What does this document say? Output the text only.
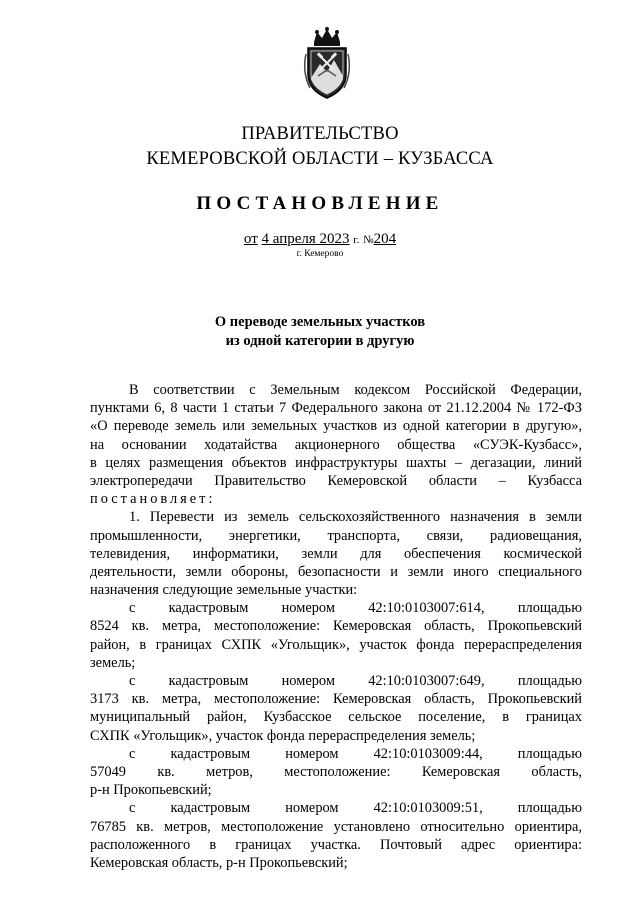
ПРАВИТЕЛЬСТВО
КЕМЕРОВСКОЙ ОБЛАСТИ – КУЗБАССА
ПОСТАНОВЛЕНИЕ
от 4 апреля 2023 г. №204
г. Кемерово
О переводе земельных участков
из одной категории в другую
В соответствии с Земельным кодексом Российской Федерации,
пунктами 6, 8 части 1 статьи 7 Федерального закона от 21.12.2004 № 172-ФЗ
«О переводе земель или земельных участков из одной категории в другую»,
на основании ходатайства акционерного общества «СУЭК-Кузбасс»,
в целях размещения объектов инфраструктуры шахты – дегазации, линий
электропередачи Правительство Кемеровской области – Кузбасса
постановляет:
1. Перевести из земель сельскохозяйственного назначения в земли
промышленности, энергетики, транспорта, связи, радиовещания,
телевидения, информатики, земли для обеспечения космической
деятельности, земли обороны, безопасности и земли иного специального
назначения следующие земельные участки:
с кадастровым номером 42:10:0103007:614, площадью
8524 кв. метра, местоположение: Кемеровская область, Прокопьевский
район, в границах СХПК «Угольщик», участок фонда перераспределения
земель;
с кадастровым номером 42:10:0103007:649, площадью
3173 кв. метра, местоположение: Кемеровская область, Прокопьевский
муниципальный район, Кузбасское сельское поселение, в границах
СХПК «Угольщик», участок фонда перераспределения земель;
с кадастровым номером 42:10:0103009:44, площадью
57049 кв. метров, местоположение: Кемеровская область,
р-н Прокопьевский;
с кадастровым номером 42:10:0103009:51, площадью
76785 кв. метров, местоположение установлено относительно ориентира,
расположенного в границах участка. Почтовый адрес ориентира:
Кемеровская область, р-н Прокопьевский;
